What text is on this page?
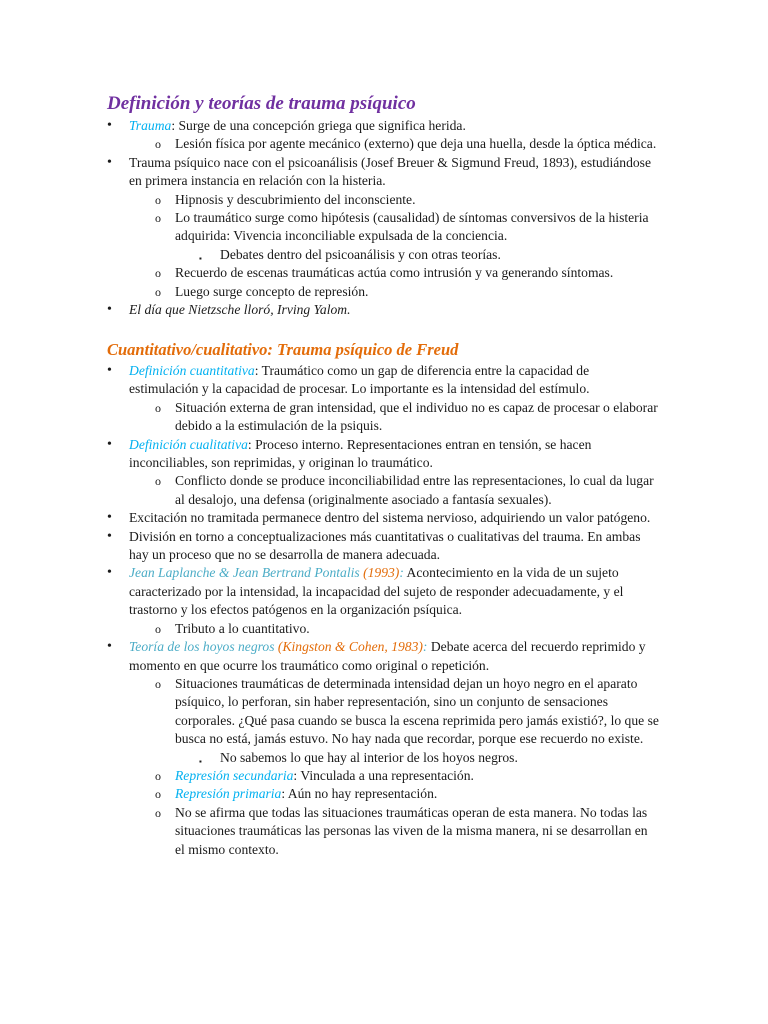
Definición y teorías de trauma psíquico
• Trauma: Surge de una concepción griega que significa herida.
o Lesión física por agente mecánico (externo) que deja una huella, desde la óptica médica.
• Trauma psíquico nace con el psicoanálisis (Josef Breuer & Sigmund Freud, 1893), estudiándose en primera instancia en relación con la histeria.
o Hipnosis y descubrimiento del inconsciente.
o Lo traumático surge como hipótesis (causalidad) de síntomas conversivos de la histeria adquirida: Vivencia inconciliable expulsada de la conciencia.
▪ Debates dentro del psicoanálisis y con otras teorías.
o Recuerdo de escenas traumáticas actúa como intrusión y va generando síntomas.
o Luego surge concepto de represión.
• El día que Nietzsche lloró, Irving Yalom.
Cuantitativo/cualitativo: Trauma psíquico de Freud
• Definición cuantitativa: Traumático como un gap de diferencia entre la capacidad de estimulación y la capacidad de procesar. Lo importante es la intensidad del estímulo.
o Situación externa de gran intensidad, que el individuo no es capaz de procesar o elaborar debido a la estimulación de la psiquis.
• Definición cualitativa: Proceso interno. Representaciones entran en tensión, se hacen inconciliables, son reprimidas, y originan lo traumático.
o Conflicto donde se produce inconciliabilidad entre las representaciones, lo cual da lugar al desalojo, una defensa (originalmente asociado a fantasía sexuales).
• Excitación no tramitada permanece dentro del sistema nervioso, adquiriendo un valor patógeno.
• División en torno a conceptualizaciones más cuantitativas o cualitativas del trauma. En ambas hay un proceso que no se desarrolla de manera adecuada.
• Jean Laplanche & Jean Bertrand Pontalis (1993): Acontecimiento en la vida de un sujeto caracterizado por la intensidad, la incapacidad del sujeto de responder adecuadamente, y el trastorno y los efectos patógenos en la organización psíquica.
o Tributo a lo cuantitativo.
• Teoría de los hoyos negros (Kingston & Cohen, 1983): Debate acerca del recuerdo reprimido y momento en que ocurre los traumático como original o repetición.
o Situaciones traumáticas de determinada intensidad dejan un hoyo negro en el aparato psíquico, lo perforan, sin haber representación, sino un conjunto de sensaciones corporales. ¿Qué pasa cuando se busca la escena reprimida pero jamás existió?, lo que se busca no está, jamás estuvo. No hay nada que recordar, porque ese recuerdo no existe.
▪ No sabemos lo que hay al interior de los hoyos negros.
o Represión secundaria: Vinculada a una representación.
o Represión primaria: Aún no hay representación.
o No se afirma que todas las situaciones traumáticas operan de esta manera. No todas las situaciones traumáticas las personas las viven de la misma manera, ni se desarrollan en el mismo contexto.
